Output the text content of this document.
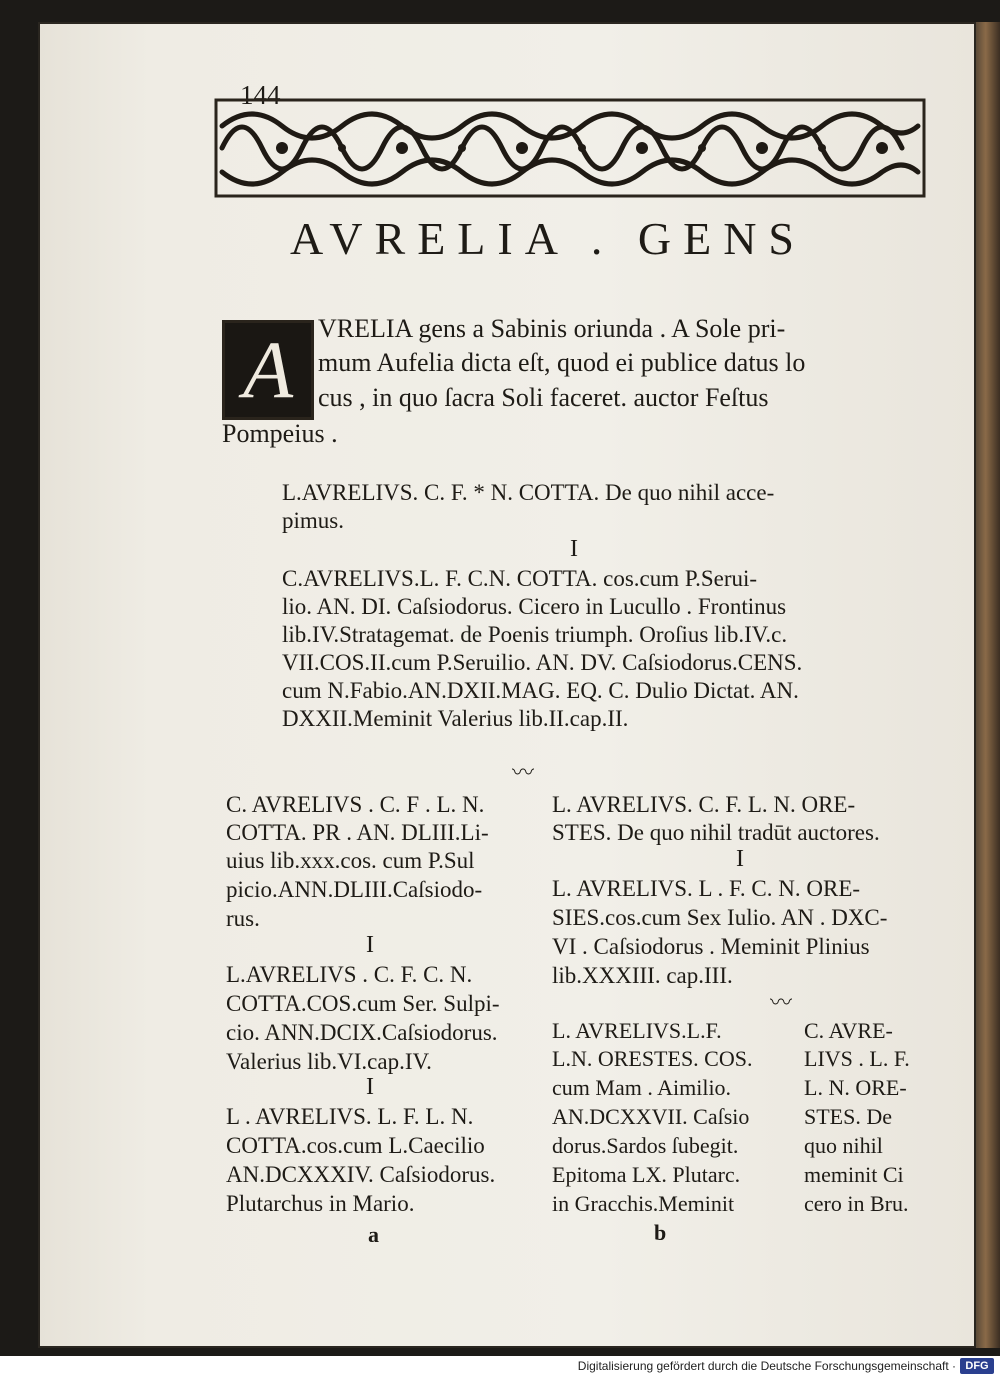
144
AVRELIA . GENS
A VRELIA gens a Sabinis oriunda . A Sole pri-
mum Aufelia dicta eſt, quod ei publice datus lo
cus , in quo ſacra Soli faceret. auctor Feſtus
Pompeius .
L.AVRELIVS. C. F. * N. COTTA. De quo nihil acce-
pimus.
I
C.AVRELIVS.L. F. C.N. COTTA. cos.cum P.Serui-
lio. AN. DI. Caſsiodorus. Cicero in Lucullo . Frontinus
lib.IV.Stratagemat. de Poenis triumph. Oroſius lib.IV.c.
VII.COS.II.cum P.Seruilio. AN. DV. Caſsiodorus.CENS.
cum N.Fabio.AN.DXII.MAG. EQ. C. Dulio Dictat. AN.
DXXII.Meminit Valerius lib.II.cap.II.
〰
C. AVRELIVS . C. F . L. N.
COTTA. PR . AN. DLIII.Li-
uius lib.xxx.cos. cum P.Sul
picio.ANN.DLIII.Caſsiodo-
rus.
I
L.AVRELIVS . C. F. C. N.
COTTA.COS.cum Ser. Sulpi-
cio. ANN.DCIX.Caſsiodorus.
Valerius lib.VI.cap.IV.
I
L . AVRELIVS. L. F. L. N.
COTTA.cos.cum L.Caecilio
AN.DCXXXIV. Caſsiodorus.
Plutarchus in Mario.
a
L. AVRELIVS. C. F. L. N. ORE-
STES. De quo nihil tradūt auctores.
I
L. AVRELIVS. L . F. C. N. ORE-
SIES.cos.cum Sex Iulio. AN . DXC-
VI . Caſsiodorus . Meminit Plinius
lib.XXXIII. cap.III.
〰
L. AVRELIVS.L.F.
L.N. ORESTES. COS.
cum Mam . Aimilio.
AN.DCXXVII. Caſsio
dorus.Sardos ſubegit.
Epitoma LX. Plutarc.
in Gracchis.Meminit
C. AVRE-
LIVS . L. F.
L. N. ORE-
STES. De
quo nihil
meminit Ci
cero in Bru.
b
Digitalisierung gefördert durch die Deutsche Forschungsgemeinschaft · DFG
